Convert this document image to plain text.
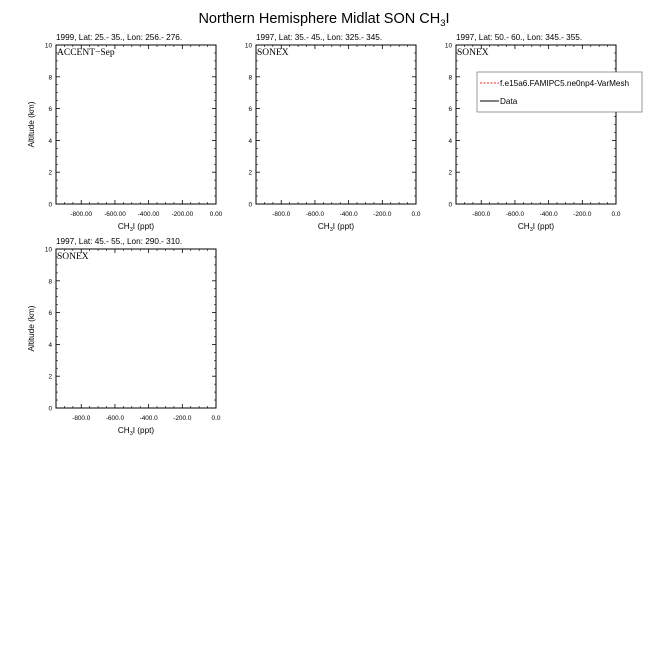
Northern Hemisphere Midlat SON $CH_3I$
1999, Lat: 25.- 35., Lon: 256.- 276.
ACCENT−Sep
0
2
4
6
8
10
-800.00 -600.00 -400.00 -200.00	0.00
$CH_3I$ (ppt)
Altitude (km)
1997, Lat: 35.- 45., Lon: 325.- 345.
SONEX
0
2
4
6
8
10
-800.0 -600.0 -400.0 -200.0	0.0
$CH_3I$ (ppt)
1997, Lat: 50.- 60., Lon: 345.- 355.
SONEX
0
2
4
6
8
10
-800.0 -600.0 -400.0 -200.0	0.0
$CH_3I$ (ppt)
f.e15a6.FAMIPC5.ne0np4-VarMesh
Data
1997, Lat: 45.- 55., Lon: 290.- 310.
SONEX
0
2
4
6
8
10
-800.0 -600.0 -400.0 -200.0	0.0
$CH_3I$ (ppt)
Altitude (km)
